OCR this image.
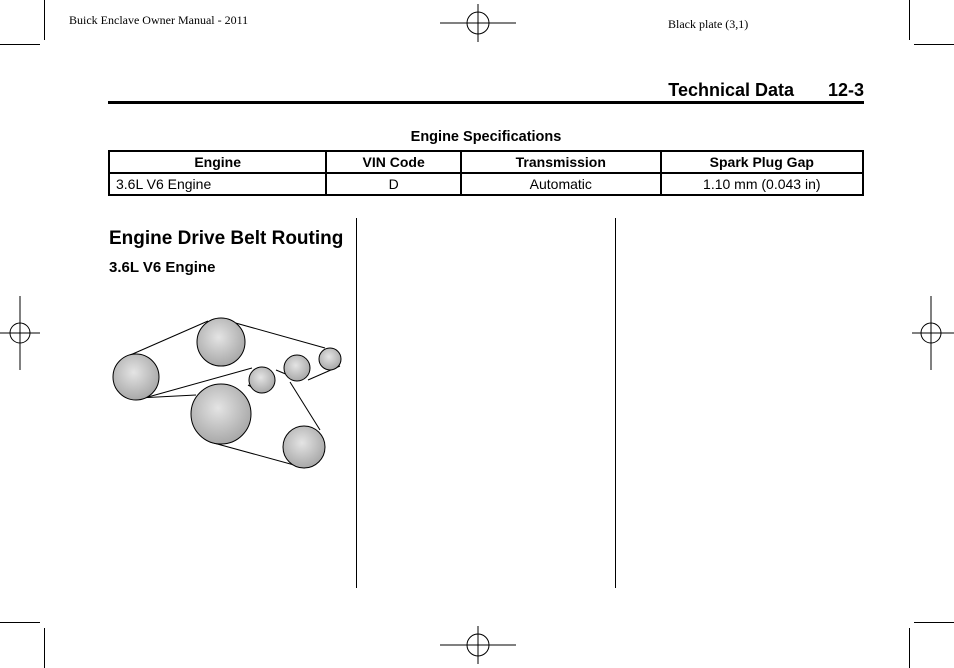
Buick Enclave Owner Manual - 2011	Black plate (3,1)
Technical Data 12-3
Engine Specifications
Engine	VIN Code	Transmission	Spark Plug Gap
3.6L V6 Engine	D	Automatic	1.10 mm (0.043 in)
Engine Drive Belt Routing
3.6L V6 Engine
